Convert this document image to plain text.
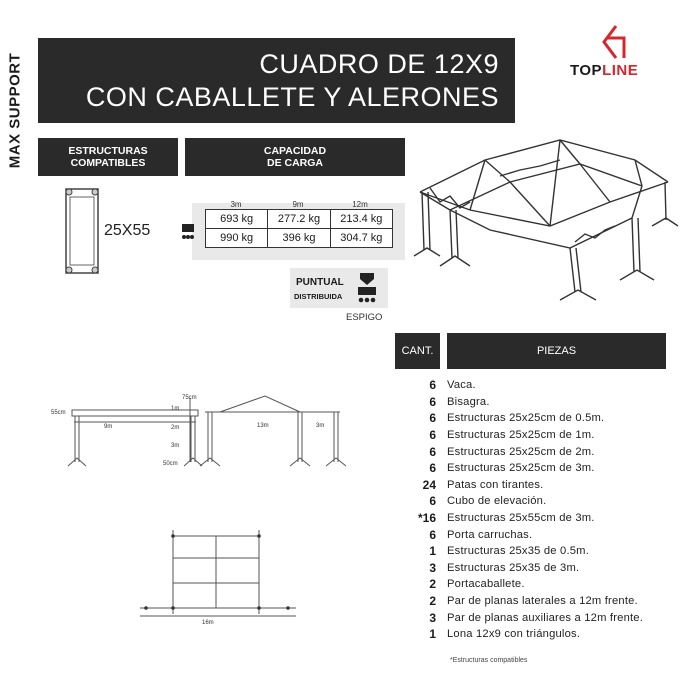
MAX SUPPORT	CUADRO DE 12X9
CON CABALLETE Y ALERONES
TOPLINE
ESTRUCTURAS
COMPATIBLES
CAPACIDAD
DE CARGA
25X55
3m	9m	12m
693 kg	277.2 kg	213.4 kg
990 kg	396 kg	304.7 kg
PUNTUAL
DISTRIBUIDA
ESPIGO
55cm
9m
75cm
1m
2m
3m
50cm
13m	3m
16m
CANT.	PIEZAS
6 Vaca.
6 Bisagra.
6 Estructuras 25x25cm de 0.5m.
6 Estructuras 25x25cm de 1m.
6 Estructuras 25x25cm de 2m.
6 Estructuras 25x25cm de 3m.
24 Patas con tirantes.
6 Cubo de elevación.
*16 Estructuras 25x55cm de 3m.
6 Porta carruchas.
1 Estructuras 25x35 de 0.5m.
3 Estructuras 25x35 de 3m.
2 Portacaballete.
2 Par de planas laterales a 12m frente.
3 Par de planas auxiliares a 12m frente.
1 Lona 12x9 con triángulos.
*Estructuras compatibles
